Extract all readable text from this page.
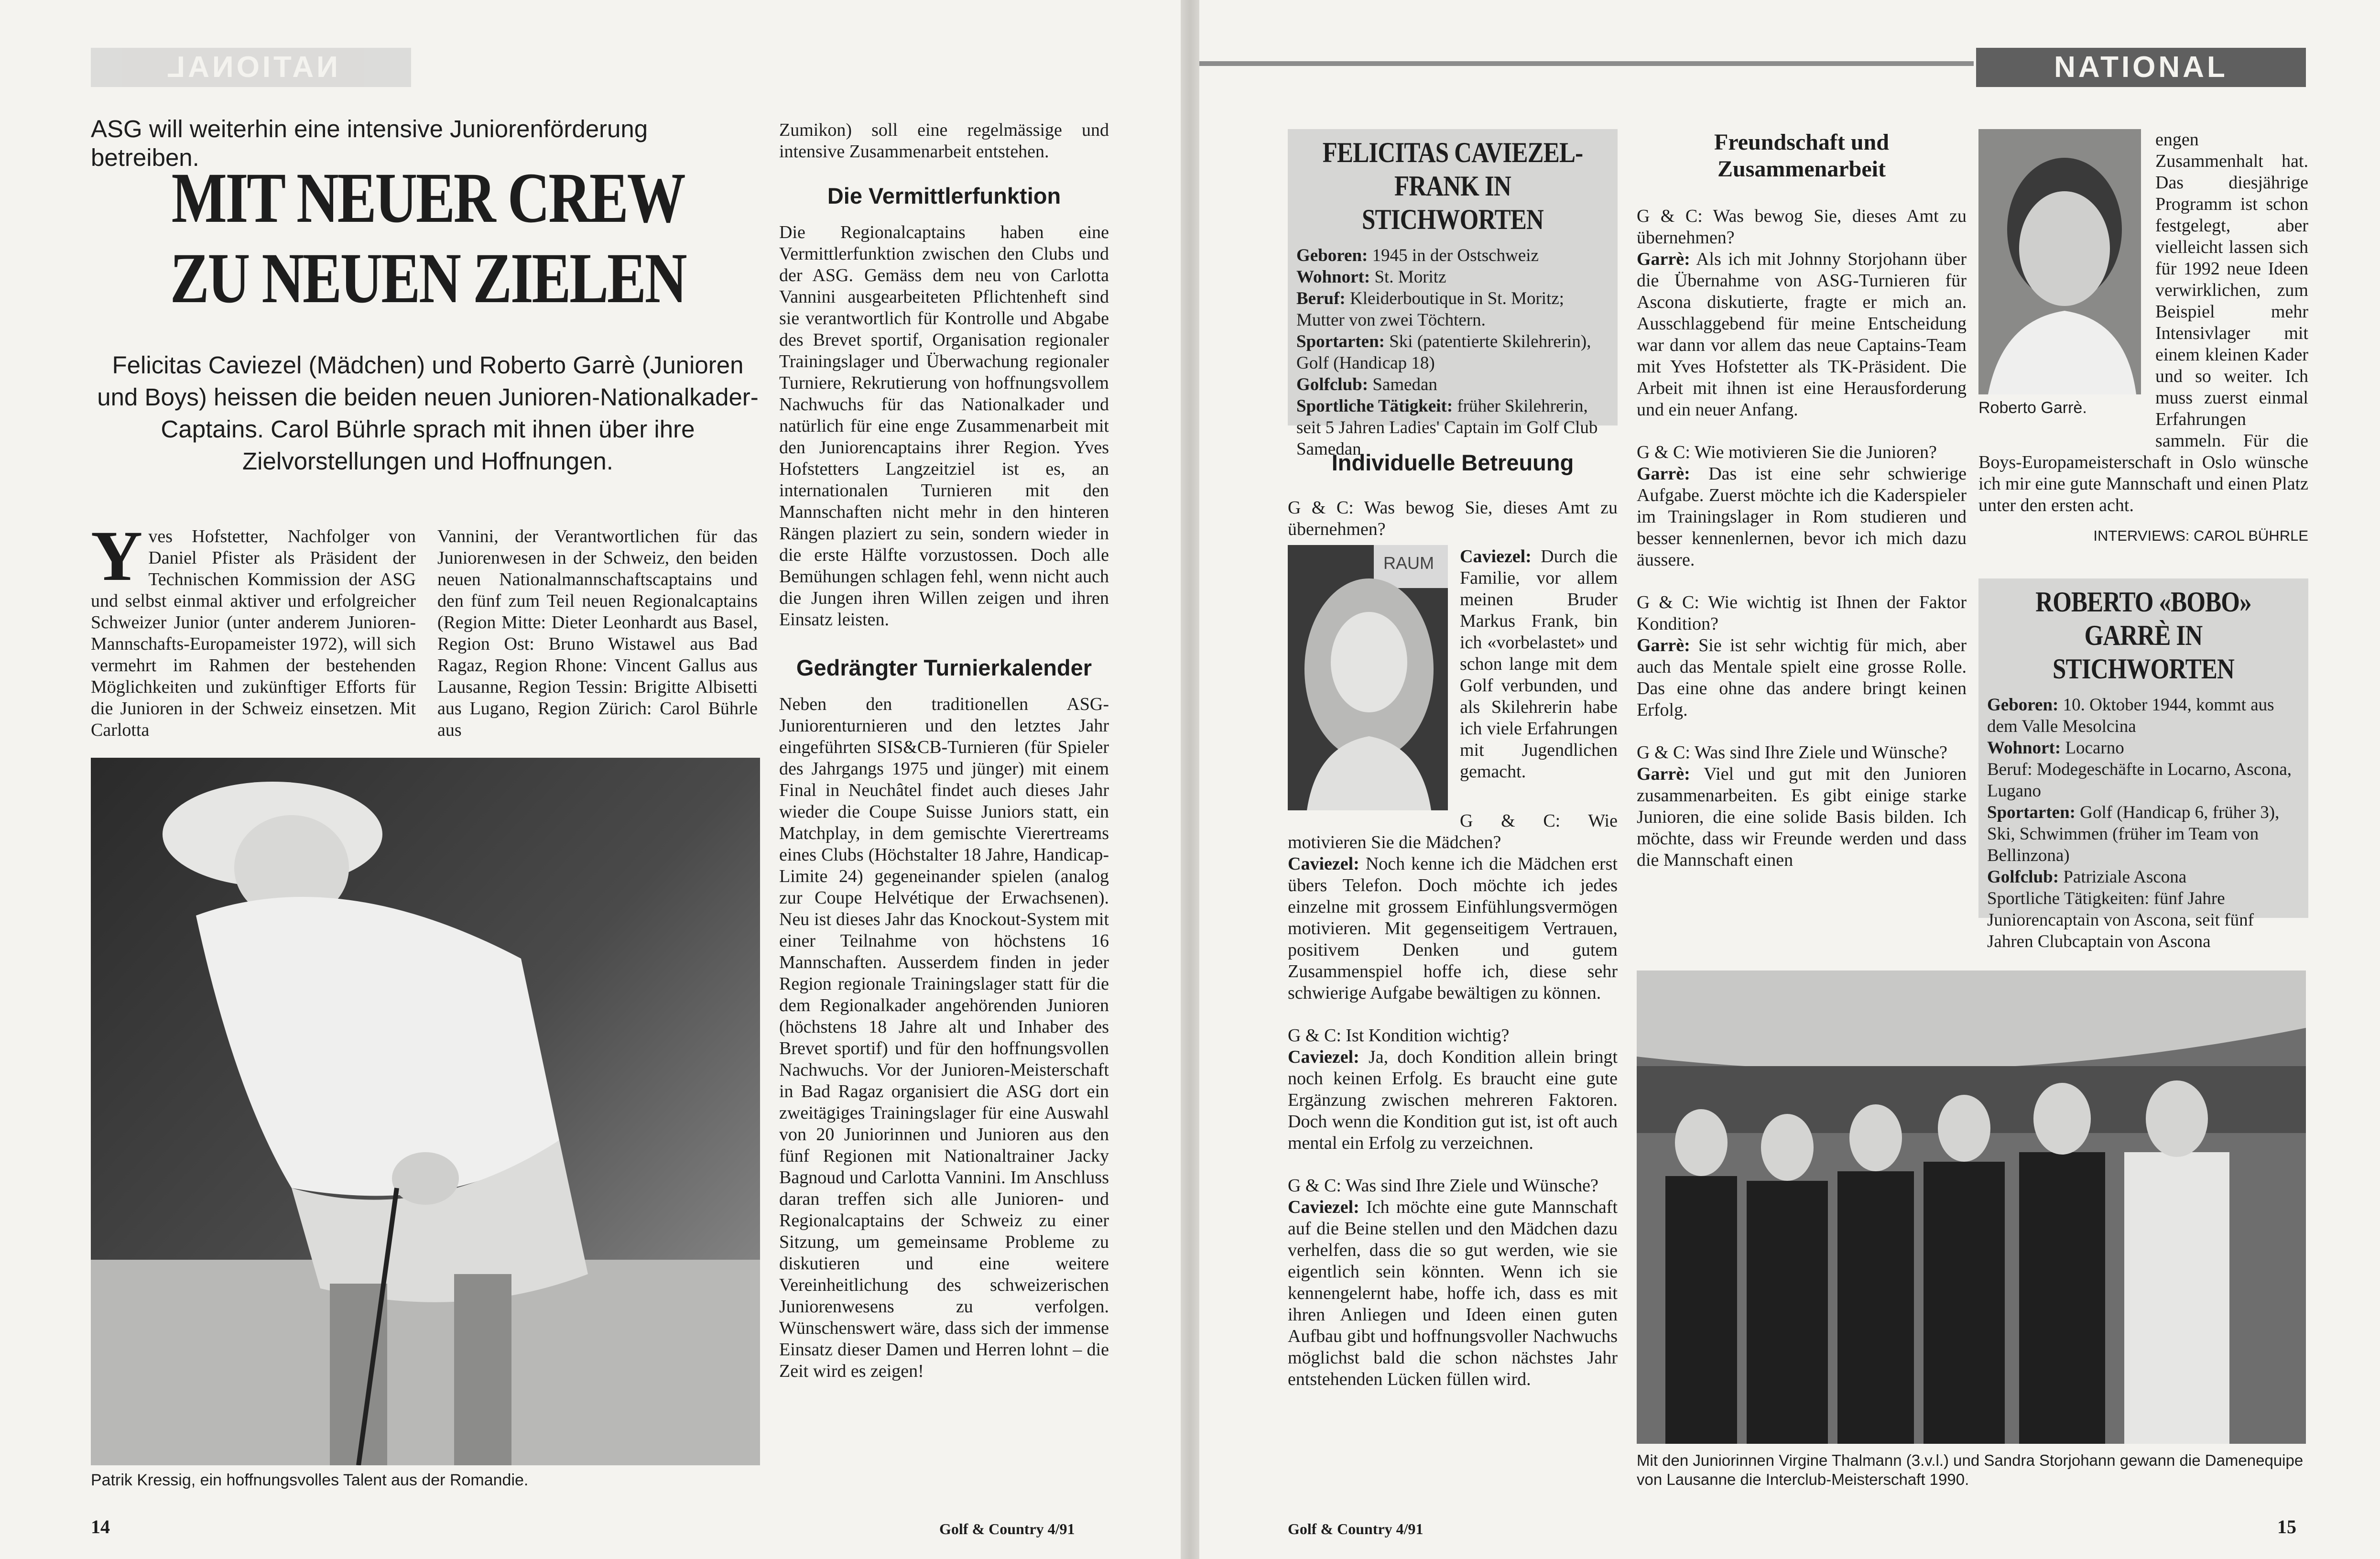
NATIONAL
ASG will weiterhin eine intensive Juniorenförderung betreiben.
MIT NEUER CREW
ZU NEUEN ZIELEN
Felicitas Caviezel (Mädchen) und Roberto Garrè (Junioren und Boys) heissen die beiden neuen Junioren-Nationalkader-Captains. Carol Bührle sprach mit ihnen über ihre Zielvorstellungen und Hoffnungen.
Y ves Hofstetter, Nachfolger von Daniel Pfister als Präsident der Technischen Kommission der ASG und selbst einmal aktiver und erfolgreicher Schweizer Junior (unter anderem Junioren-Mannschafts-Europameister 1972), will sich vermehrt im Rahmen der bestehenden Möglichkeiten und zukünftiger Efforts für die Junioren in der Schweiz einsetzen. Mit Carlotta
Vannini, der Verantwortlichen für das Juniorenwesen in der Schweiz, den beiden neuen Nationalmannschaftscaptains und den fünf zum Teil neuen Regionalcaptains (Region Mitte: Dieter Leonhardt aus Basel, Region Ost: Bruno Wistawel aus Bad Ragaz, Region Rhone: Vincent Gallus aus Lausanne, Region Tessin: Brigitte Albisetti aus Lugano, Region Zürich: Carol Bührle aus
Patrik Kressig, ein hoffnungsvolles Talent aus der Romandie.

Zumikon) soll eine regelmässige und intensive Zusammenarbeit entstehen.

Die Vermittlerfunktion

Die Regionalcaptains haben eine Vermittlerfunktion zwischen den Clubs und der ASG. Gemäss dem neu von Carlotta Vannini ausgearbeiteten Pflichtenheft sind sie verantwortlich für Kontrolle und Abgabe des Brevet sportif, Organisation regionaler Trainingslager und Überwachung regionaler Turniere, Rekrutierung von hoffnungsvollem Nachwuchs für das Nationalkader und natürlich für eine enge Zusammenarbeit mit den Juniorencaptains ihrer Region. Yves Hofstetters Langzeitziel ist es, an internationalen Turnieren mit den Mannschaften nicht mehr in den hinteren Rängen plaziert zu sein, sondern wieder in die erste Hälfte vorzustossen. Doch alle Bemühungen schlagen fehl, wenn nicht auch die Jungen ihren Willen zeigen und ihren Einsatz leisten.

Gedrängter Turnierkalender

Neben den traditionellen ASG-Juniorenturnieren und den letztes Jahr eingeführten SIS&CB-Turnieren (für Spieler des Jahrgangs 1975 und jünger) mit einem Final in Neuchâtel findet auch dieses Jahr wieder die Coupe Suisse Juniors statt, ein Matchplay, in dem gemischte Vierertreams eines Clubs (Höchstalter 18 Jahre, Handicap-Limite 24) gegeneinander spielen (analog zur Coupe Helvétique der Erwachsenen). Neu ist dieses Jahr das Knockout-System mit einer Teilnahme von höchstens 16 Mannschaften. Ausserdem finden in jeder Region regionale Trainingslager statt für die dem Regionalkader angehörenden Junioren (höchstens 18 Jahre alt und Inhaber des Brevet sportif) und für den hoffnungsvollen Nachwuchs. Vor der Junioren-Meisterschaft in Bad Ragaz organisiert die ASG dort ein zweitägiges Trainingslager für eine Auswahl von 20 Juniorinnen und Junioren aus den fünf Regionen mit Nationaltrainer Jacky Bagnoud und Carlotta Vannini. Im Anschluss daran treffen sich alle Junioren- und Regionalcaptains der Schweiz zu einer Sitzung, um gemeinsame Probleme zu diskutieren und eine weitere Vereinheitlichung des schweizerischen Juniorenwesens zu verfolgen. Wünschenswert wäre, dass sich der immense Einsatz dieser Damen und Herren lohnt – die Zeit wird es zeigen!

14	Golf & Country 4/91
NATIONAL
FELICITAS CAVIEZEL-FRANK IN STICHWORTEN
Geboren: 1945 in der Ostschweiz
Wohnort: St. Moritz
Beruf: Kleiderboutique in St. Moritz; Mutter von zwei Töchtern.
Sportarten: Ski (patentierte Skilehrerin), Golf (Handicap 18)
Golfclub: Samedan
Sportliche Tätigkeit: früher Skilehrerin, seit 5 Jahren Ladies' Captain im Golf Club Samedan
Individuelle Betreuung

G & C: Was bewog Sie, dieses Amt zu übernehmen?

RAUM	Caviezel: Durch die Familie, vor allem meinen Bruder Markus Frank, bin ich «vorbelastet» und schon lange mit dem Golf verbunden, und als Skilehrerin habe ich viele Erfahrungen mit Jugendlichen gemacht.

G & C: Wie motivieren Sie die Mädchen?
Caviezel: Noch kenne ich die Mädchen erst übers Telefon. Doch möchte ich jedes einzelne mit grossem Einfühlungsvermögen motivieren. Mit gegenseitigem Vertrauen, positivem Denken und gutem Zusammenspiel hoffe ich, diese sehr schwierige Aufgabe bewältigen zu können.

G & C: Ist Kondition wichtig?
Caviezel: Ja, doch Kondition allein bringt noch keinen Erfolg. Es braucht eine gute Ergänzung zwischen mehreren Faktoren. Doch wenn die Kondition gut ist, ist oft auch mental ein Erfolg zu verzeichnen.

G & C: Was sind Ihre Ziele und Wünsche?
Caviezel: Ich möchte eine gute Mannschaft auf die Beine stellen und den Mädchen dazu verhelfen, dass die so gut werden, wie sie eigentlich sein könnten. Wenn ich sie kennengelernt habe, hoffe ich, dass es mit ihren Anliegen und Ideen einen guten Aufbau gibt und hoffnungsvoller Nachwuchs möglichst bald die schon nächstes Jahr entstehenden Lücken füllen wird.

Freundschaft und Zusammenarbeit

G & C: Was bewog Sie, dieses Amt zu übernehmen?
Garrè: Als ich mit Johnny Storjohann über die Übernahme von ASG-Turnieren für Ascona diskutierte, fragte er mich an. Ausschlaggebend für meine Entscheidung war dann vor allem das neue Captains-Team mit Yves Hofstetter als TK-Präsident. Die Arbeit mit ihnen ist eine Herausforderung und ein neuer Anfang.

G & C: Wie motivieren Sie die Junioren?
Garrè: Das ist eine sehr schwierige Aufgabe. Zuerst möchte ich die Kaderspieler im Trainingslager in Rom studieren und besser kennenlernen, bevor ich mich dazu äussere.

G & C: Wie wichtig ist Ihnen der Faktor Kondition?
Garrè: Sie ist sehr wichtig für mich, aber auch das Mentale spielt eine grosse Rolle. Das eine ohne das andere bringt keinen Erfolg.

G & C: Was sind Ihre Ziele und Wünsche?
Garrè: Viel und gut mit den Junioren zusammenarbeiten. Es gibt einige starke Junioren, die eine solide Basis bilden. Ich möchte, dass wir Freunde werden und dass die Mannschaft einen

Roberto Garrè.
engen Zusammenhalt hat. Das diesjährige Programm ist schon festgelegt, aber vielleicht lassen sich für 1992 neue Ideen verwirklichen, zum Beispiel mehr Intensivlager mit einem kleinen Kader und so weiter. Ich muss zuerst einmal Erfahrungen sammeln. Für die Boys-Europameisterschaft in Oslo wünsche ich mir eine gute Mannschaft und einen Platz unter den ersten acht.
INTERVIEWS: CAROL BÜHRLE
ROBERTO «BOBO» GARRÈ IN STICHWORTEN
Geboren: 10. Oktober 1944, kommt aus dem Valle Mesolcina
Wohnort: Locarno
Beruf: Modegeschäfte in Locarno, Ascona, Lugano
Sportarten: Golf (Handicap 6, früher 3), Ski, Schwimmen (früher im Team von Bellinzona)
Golfclub: Patriziale Ascona
Sportliche Tätigkeiten: fünf Jahre Juniorencaptain von Ascona, seit fünf Jahren Clubcaptain von Ascona
Mit den Juniorinnen Virgine Thalmann (3.v.l.) und Sandra Storjohann gewann die Damenequipe von Lausanne die Interclub-Meisterschaft 1990.
Golf & Country 4/91	15
